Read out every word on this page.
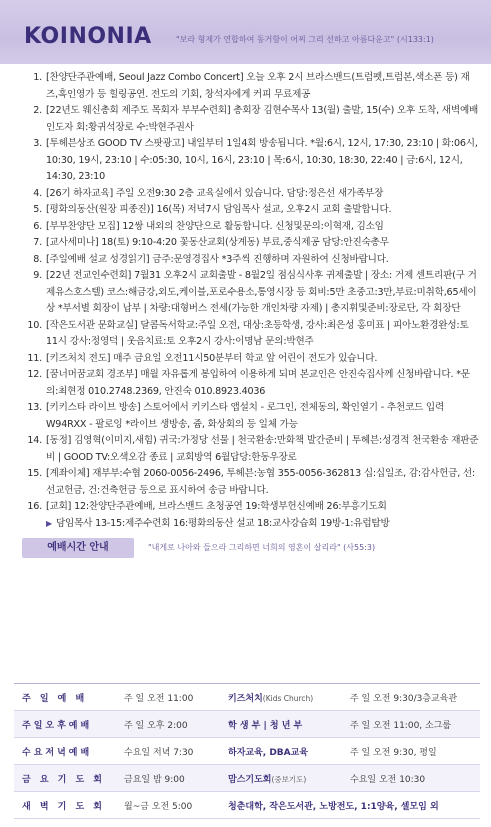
KOINONIA	"보라 형제가 연합하여 동거함이 어찌 그리 선하고 아름다운고" (시133:1)
1. [찬양단주관예배, Seoul Jazz Combo Concert] 오늘 오후 2시 브라스밴드(트럼펫,트럼본,색소폰 등) 재즈,흑인영가 등 힐링공연. 전도의 기회, 창석자에게 커피 무료제공
2. [22년도 웨신총회 제주도 목회자 부부수련회] 총회장 김현수목사 13(월) 출발, 15(수) 오후 도착, 새벽예배 인도자 회:황귀석장로 수:박현주권사
3. [투헤븐상조 GOOD TV 스팟광고] 내일부터 1일4회 방송됩니다. *월:6시, 12시, 17:30, 23:10 | 화:06시, 10:30, 19시, 23:10 | 수:05:30, 10시, 16시, 23:10 | 목:6시, 10:30, 18:30, 22:40 | 금:6시, 12시, 14:30, 23:10
4. [26기 하자교육] 주일 오전9:30 2층 교육실에서 있습니다. 담당:정은선 새가족부장
5. [평화의동산(원장 피종진)] 16(목) 저녁7시 담임목사 설교, 오후2시 교회 출발합니다.
6. [부부찬양단 모집] 12쌍 내외의 찬양단으로 활동합니다. 신청및문의:이혁재, 김소임
7. [교사세미나] 18(토) 9:10-4:20 꽃동산교회(상계동) 부료,중식제공 담당:안진숙총무
8. [주일예배 설교 성경읽기] 금주:문영경집사 *3주씩 진행하며 자원하여 신청바랍니다.
9. [22년 전교인수련회] 7월31 오후2시 교회출발 - 8월2일 점심식사후 귀제출발 | 장소: 거제 센트리판(구 거제유스호스텔) 코스:해금강,외도,케이블,포로수용소,통영시장 등 회비:5만 초중고:3만,부료:미취학,65세이상 *부서별 회장이 납부 | 차량:대형버스 전세(가능한 개인차량 자제) | 총지휘및준비:장로단, 각 회장단
10. [작은도서관 문화교실] 달콤독서학교:주일 오전, 대상:초등학생, 강사:최은성 홍미표 | 피아노환경완성:토 11시 강사:정영덕 | 웃음치료:토 오후2시 강사:이명남 문의:박현주
11. [키즈처치 전도] 매주 금요일 오전11시50분부터 학교 앞 어린이 전도가 있습니다.
12. [꿈너머꿈교회 경조부] 매월 자유롭게 봉입하여 이용하게 되며 본교인은 안진숙집사께 신청바랍니다. *문의:최현정 010.2748.2369, 안진숙 010.8923.4036
13. [키키스타 라이브 방송] 스토어에서 키키스타 앱설치 - 로그인, 전체동의, 확인열기 - 추천코드 입력 W94RXX - 팔로잉 *라이브 생방송, 쥼, 화상회의 등 일체 가능
14. [동정] 김영혁(이미지,새힘) 귀국:가정당 선물 | 천국환송:만화책 발간준비 | 투헤븐:성경적 천국환송 재판준비 | GOOD TV:오색오감 종료 | 교회방역 6월답당:한동우장로
15. [계좌이체] 재부부:수협 2060-0056-2496, 투헤븐:농협 355-0056-362813 십:십일조, 감:감사헌금, 선:선교헌금, 건:건축헌금 등으로 표시하여 송금 바랍니다.
16. [교회] 12:찬양단주관예배, 브라스밴드 초청공연 19:학생부헌신예배 26:부흥기도회
▶ 담임목사 13-15:제주수련회 16:평화의동산 설교 18:교사강습회 19방-1:유럽탐방
예배시간 안내	"내게로 나아와 들으라 그리하면 너희의 영혼이 살리라" (사55:3)
주 일 예 배	주 일 오전 11:00	키즈처치(Kids Church)	주 일 오전 9:30/3층교육관
주일오후예배	주 일 오후 2:00	학 생 부 | 청 년 부	주 일 오전 11:00, 소그룹
수요저녁예배	수요일 저녁 7:30	하자교육, DBA교육	주 일 오전 9:30, 평일
금 요 기 도 회	금요일 밤 9:00	맘스기도회(중보기도)	수요일 오전 10:30
새 벽 기 도 회	월~금 오전 5:00	청춘대학, 작은도서관, 노방전도, 1:1양육, 셀모임 외
